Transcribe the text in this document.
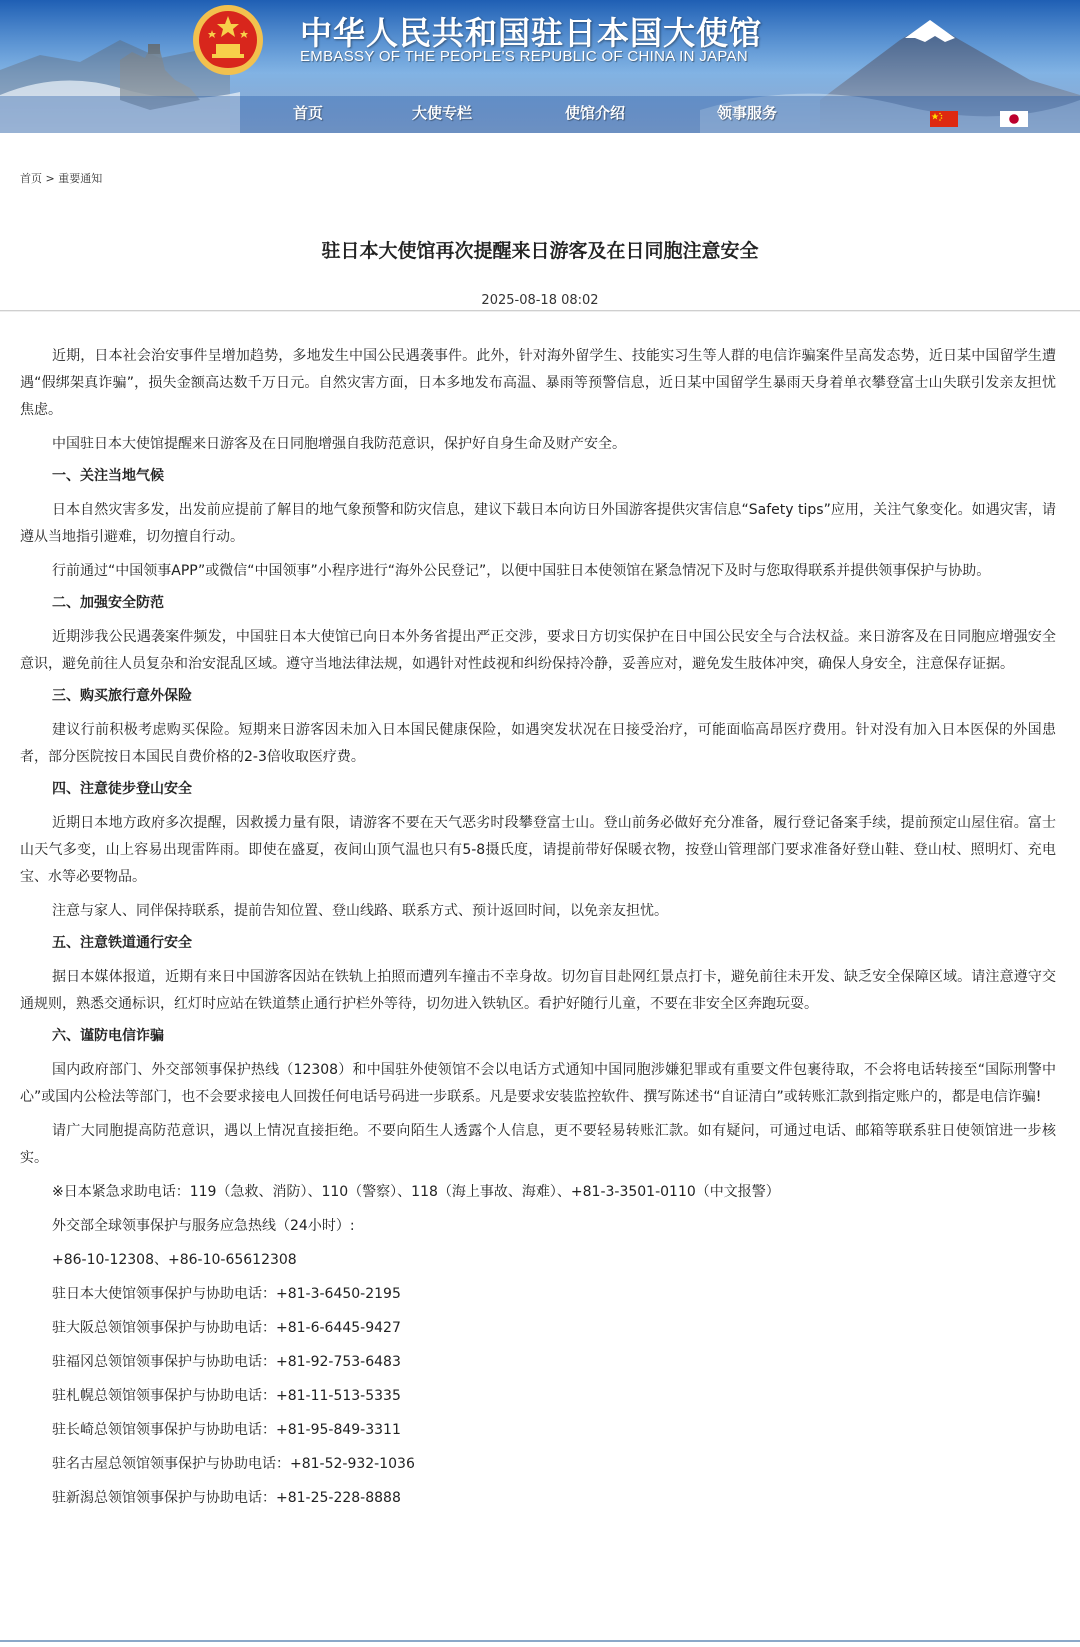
中华人民共和国驻日本国大使馆
EMBASSY OF THE PEOPLE'S REPUBLIC OF CHINA IN JAPAN
首页	大使专栏	使馆介绍	领事服务
首页 > 重要通知
驻日本大使馆再次提醒来日游客及在日同胞注意安全
2025-08-18 08:02

近期，日本社会治安事件呈增加趋势，多地发生中国公民遇袭事件。此外，针对海外留学生、技能实习生等人群的电信诈骗案件呈高发态势，近日某中国留学生遭遇“假绑架真诈骗”，损失金额高达数千万日元。自然灾害方面，日本多地发布高温、暴雨等预警信息，近日某中国留学生暴雨天身着单衣攀登富士山失联引发亲友担忧焦虑。

中国驻日本大使馆提醒来日游客及在日同胞增强自我防范意识，保护好自身生命及财产安全。

一、关注当地气候

日本自然灾害多发，出发前应提前了解目的地气象预警和防灾信息，建议下载日本向访日外国游客提供灾害信息“Safety tips”应用，关注气象变化。如遇灾害，请遵从当地指引避难，切勿擅自行动。

行前通过“中国领事APP”或微信“中国领事”小程序进行“海外公民登记”，以便中国驻日本使领馆在紧急情况下及时与您取得联系并提供领事保护与协助。

二、加强安全防范

近期涉我公民遇袭案件频发，中国驻日本大使馆已向日本外务省提出严正交涉，要求日方切实保护在日中国公民安全与合法权益。来日游客及在日同胞应增强安全意识，避免前往人员复杂和治安混乱区域。遵守当地法律法规，如遇针对性歧视和纠纷保持冷静，妥善应对，避免发生肢体冲突，确保人身安全，注意保存证据。

三、购买旅行意外保险

建议行前积极考虑购买保险。短期来日游客因未加入日本国民健康保险，如遇突发状况在日接受治疗，可能面临高昂医疗费用。针对没有加入日本医保的外国患者，部分医院按日本国民自费价格的2-3倍收取医疗费。

四、注意徒步登山安全

近期日本地方政府多次提醒，因救援力量有限，请游客不要在天气恶劣时段攀登富士山。登山前务必做好充分准备，履行登记备案手续，提前预定山屋住宿。富士山天气多变，山上容易出现雷阵雨。即使在盛夏，夜间山顶气温也只有5-8摄氏度，请提前带好保暖衣物，按登山管理部门要求准备好登山鞋、登山杖、照明灯、充电宝、水等必要物品。

注意与家人、同伴保持联系，提前告知位置、登山线路、联系方式、预计返回时间，以免亲友担忧。

五、注意铁道通行安全

据日本媒体报道，近期有来日中国游客因站在铁轨上拍照而遭列车撞击不幸身故。切勿盲目赴网红景点打卡，避免前往未开发、缺乏安全保障区域。请注意遵守交通规则，熟悉交通标识，红灯时应站在铁道禁止通行护栏外等待，切勿进入铁轨区。看护好随行儿童，不要在非安全区奔跑玩耍。

六、谨防电信诈骗

国内政府部门、外交部领事保护热线（12308）和中国驻外使领馆不会以电话方式通知中国同胞涉嫌犯罪或有重要文件包裹待取，不会将电话转接至“国际刑警中心”或国内公检法等部门，也不会要求接电人回拨任何电话号码进一步联系。凡是要求安装监控软件、撰写陈述书“自证清白”或转账汇款到指定账户的，都是电信诈骗!

请广大同胞提高防范意识，遇以上情况直接拒绝。不要向陌生人透露个人信息，更不要轻易转账汇款。如有疑问，可通过电话、邮箱等联系驻日使领馆进一步核实。

※日本紧急求助电话：119（急救、消防）、110（警察）、118（海上事故、海难）、+81-3-3501-0110（中文报警）

外交部全球领事保护与服务应急热线（24小时）:

+86-10-12308、+86-10-65612308

驻日本大使馆领事保护与协助电话：+81-3-6450-2195

驻大阪总领馆领事保护与协助电话：+81-6-6445-9427

驻福冈总领馆领事保护与协助电话：+81-92-753-6483

驻札幌总领馆领事保护与协助电话：+81-11-513-5335

驻长崎总领馆领事保护与协助电话：+81-95-849-3311

驻名古屋总领馆领事保护与协助电话：+81-52-932-1036

驻新潟总领馆领事保护与协助电话：+81-25-228-8888
